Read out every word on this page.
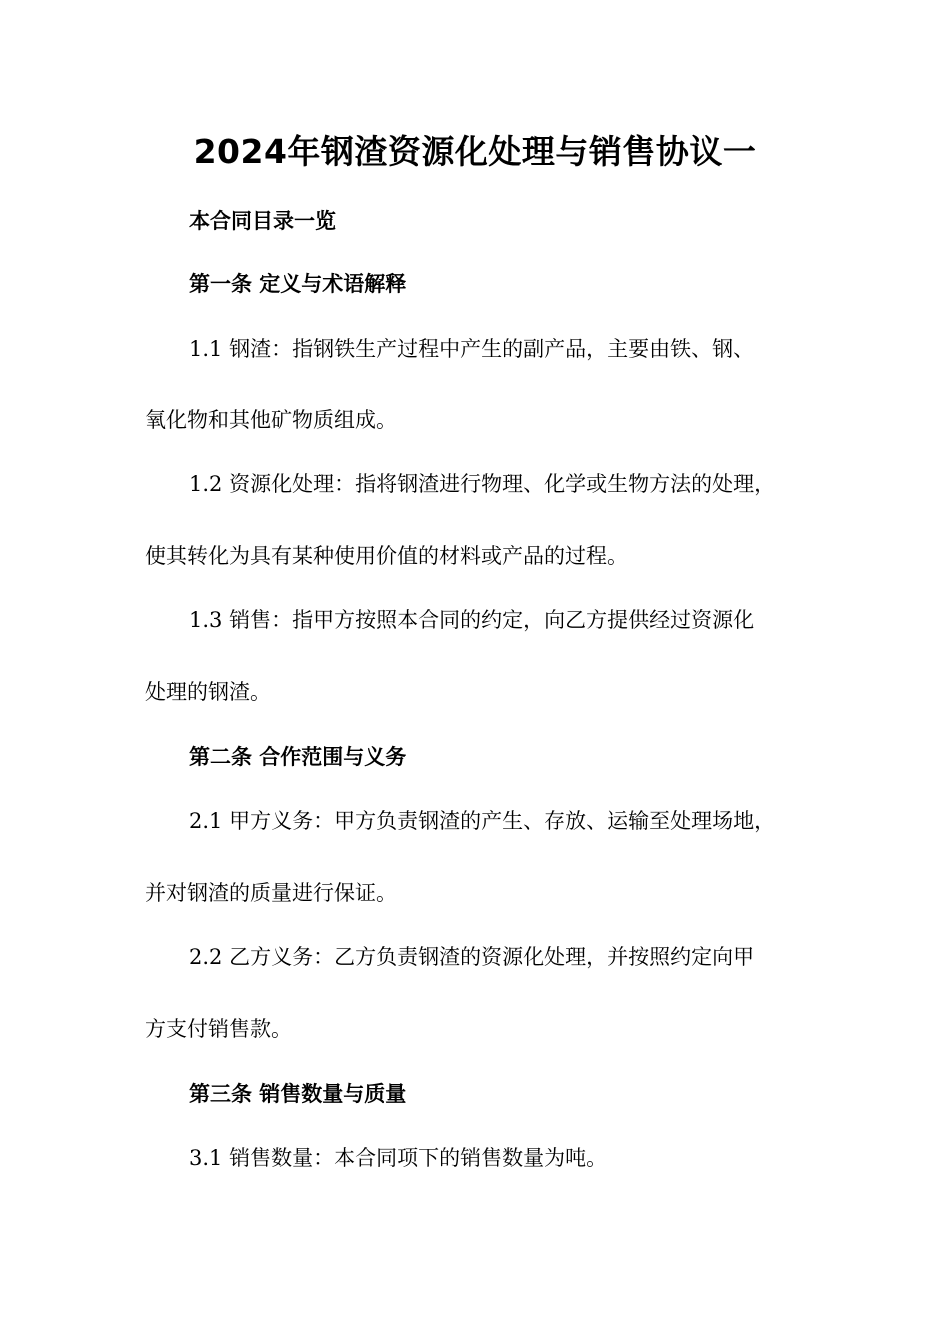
2024年钢渣资源化处理与销售协议一
本合同目录一览
第一条 定义与术语解释
1.1 钢渣：指钢铁生产过程中产生的副产品，主要由铁、钢、
氧化物和其他矿物质组成。
1.2 资源化处理：指将钢渣进行物理、化学或生物方法的处理，
使其转化为具有某种使用价值的材料或产品的过程。
1.3 销售：指甲方按照本合同的约定，向乙方提供经过资源化
处理的钢渣。
第二条 合作范围与义务
2.1 甲方义务：甲方负责钢渣的产生、存放、运输至处理场地，
并对钢渣的质量进行保证。
2.2 乙方义务：乙方负责钢渣的资源化处理，并按照约定向甲
方支付销售款。
第三条 销售数量与质量
3.1 销售数量：本合同项下的销售数量为吨。
